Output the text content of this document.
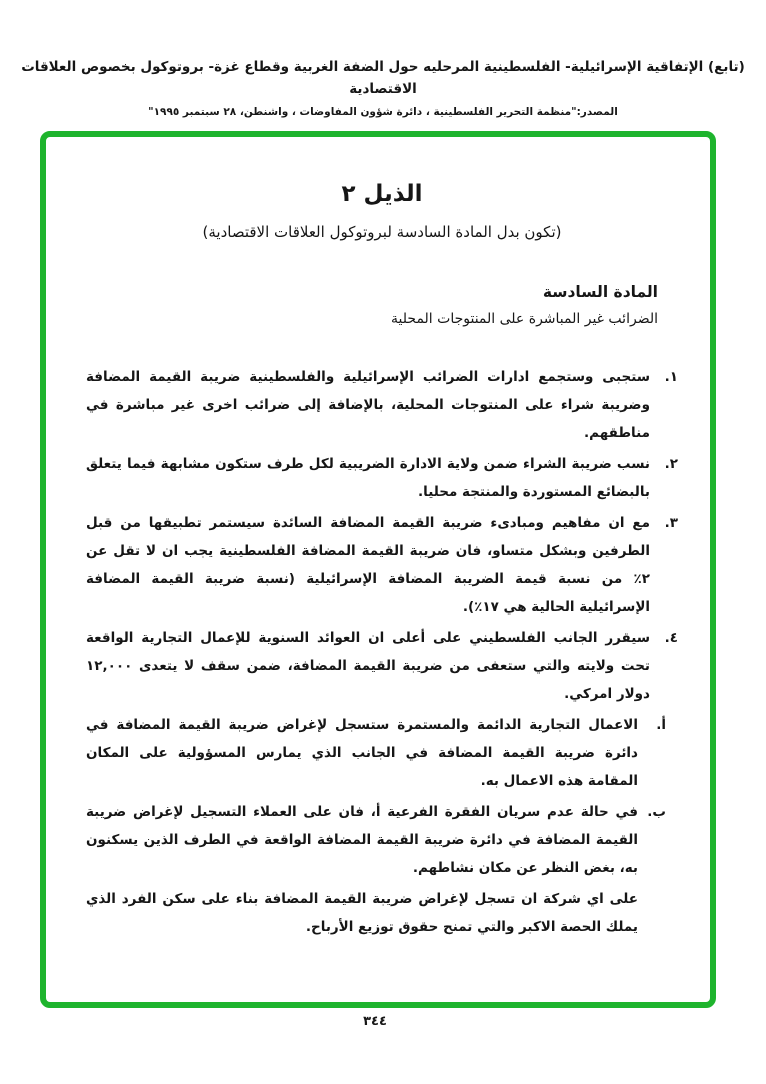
(تابع) الإتفاقية الإسرائيلية- الفلسطينية المرحليه حول الضفة الغربية وقطاع غزة- بروتوكول بخصوص العلاقات الاقتصادية
المصدر:"منظمة التحرير الفلسطينية ، دائرة شؤون المفاوضات ، واشنطن، ٢٨ سبتمبر ١٩٩٥"
الذيل ٢
(تكون بدل المادة السادسة لبروتوكول العلاقات الاقتصادية)
المادة السادسة
الضرائب غير المباشرة على المنتوجات المحلية
١.
ستجبى وستجمع ادارات الضرائب الإسرائيلية والفلسطينية ضريبة القيمة المضافة وضريبة شراء على المنتوجات المحلية، بالإضافة إلى ضرائب اخرى غير مباشرة في مناطقهم.
٢.
نسب ضريبة الشراء ضمن ولاية الادارة الضريبية لكل طرف ستكون مشابهة فيما يتعلق بالبضائع المستوردة والمنتجة محليا.
٣.
مع ان مفاهيم ومبادىء ضريبة القيمة المضافة السائدة سيستمر تطبيقها من قبل الطرفين وبشكل متساو، فان ضريبة القيمة المضافة الفلسطينية يجب ان لا تقل عن ٢٪ من نسبة قيمة الضريبة المضافة الإسرائيلية (نسبة ضريبة القيمة المضافة الإسرائيلية الحالية هي ١٧٪).
٤.
سيقرر الجانب الفلسطيني على أعلى ان العوائد السنوية للإعمال التجارية الواقعة تحت ولايته والتي ستعفى من ضريبة القيمة المضافة، ضمن سقف لا يتعدى ١٢,٠٠٠ دولار امركي.
أ.
الاعمال التجارية الدائمة والمستمرة ستسجل لإغراض ضريبة القيمة المضافة في دائرة ضريبة القيمة المضافة في الجانب الذي يمارس المسؤولية على المكان المقامة هذه الاعمال به.
ب.
في حالة عدم سريان الفقرة الفرعية أ، فان على العملاء التسجيل لإغراض ضريبة القيمة المضافة في دائرة ضريبة القيمة المضافة الواقعة في الطرف الذين يسكنون به، بغض النظر عن مكان نشاطهم.
على اي شركة ان تسجل لإغراض ضريبة القيمة المضافة بناء على سكن الفرد الذي يملك الحصة الاكبر والتي تمنح حقوق توزيع الأرباح.
٣٤٤
